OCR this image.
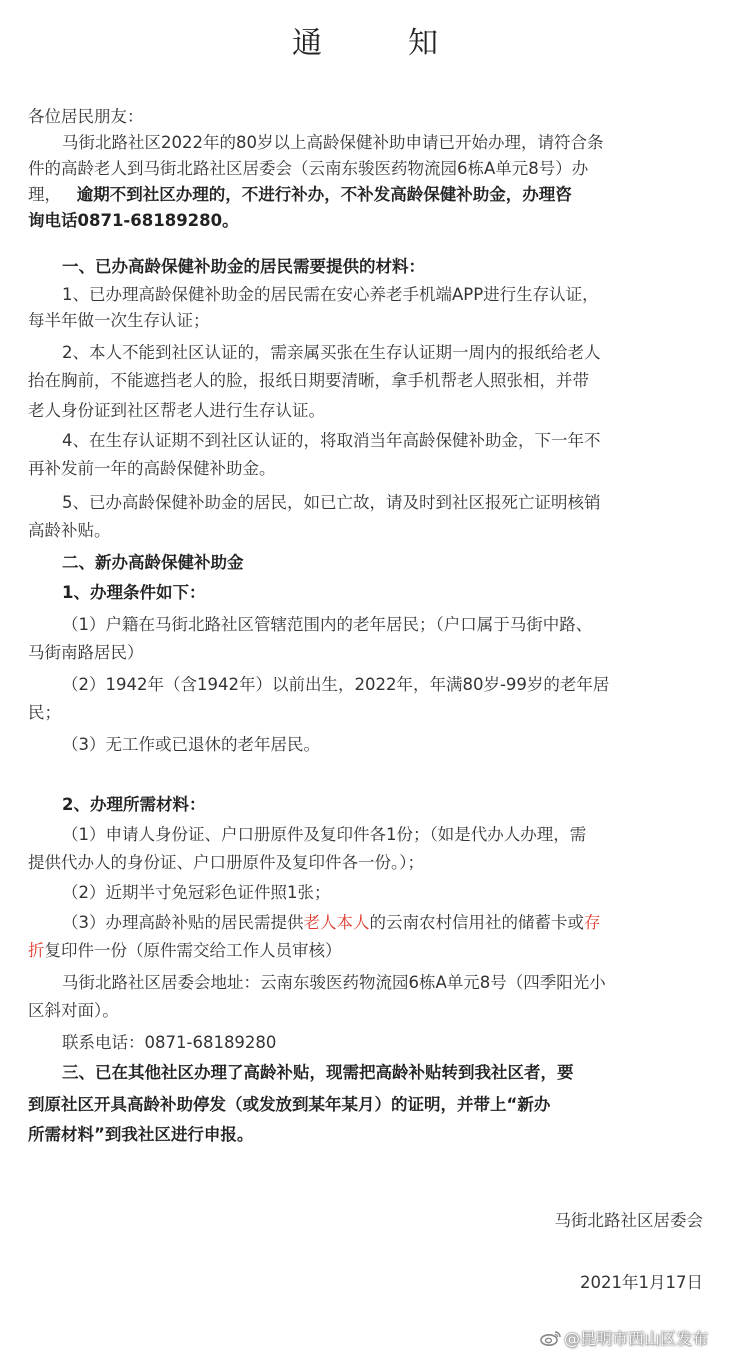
通　知
各位居民朋友：
马街北路社区2022年的80岁以上高龄保健补助申请已开始办理，请符合条
件的高龄老人到马街北路社区居委会（云南东骏医药物流园6栋A单元8号）办
理， 逾期不到社区办理的，不进行补办，不补发高龄保健补助金，办理咨
询电话0871-68189280。
一、已办高龄保健补助金的居民需要提供的材料：
1、已办理高龄保健补助金的居民需在安心养老手机端APP进行生存认证，
每半年做一次生存认证；
2、本人不能到社区认证的，需亲属买张在生存认证期一周内的报纸给老人
抬在胸前，不能遮挡老人的脸，报纸日期要清晰，拿手机帮老人照张相，并带
老人身份证到社区帮老人进行生存认证。
4、在生存认证期不到社区认证的，将取消当年高龄保健补助金，下一年不
再补发前一年的高龄保健补助金。
5、已办高龄保健补助金的居民，如已亡故，请及时到社区报死亡证明核销
高龄补贴。
二、新办高龄保健补助金
1、办理条件如下：
（1）户籍在马街北路社区管辖范围内的老年居民；（户口属于马街中路、
马街南路居民）
（2）1942年（含1942年）以前出生，2022年，年满80岁-99岁的老年居
民；
（3）无工作或已退休的老年居民。
2、办理所需材料：
（1）申请人身份证、户口册原件及复印件各1份；（如是代办人办理，需
提供代办人的身份证、户口册原件及复印件各一份。）；
（2）近期半寸免冠彩色证件照1张；
（3）办理高龄补贴的居民需提供老人本人的云南农村信用社的储蓄卡或存
折复印件一份（原件需交给工作人员审核）
马街北路社区居委会地址：云南东骏医药物流园6栋A单元8号（四季阳光小
区斜对面）。
联系电话：0871-68189280
三、已在其他社区办理了高龄补贴，现需把高龄补贴转到我社区者，要
到原社区开具高龄补助停发（或发放到某年某月）的证明，并带上“新办
所需材料”到我社区进行申报。
马街北路社区居委会
2021年1月17日
@昆明市西山区发布
